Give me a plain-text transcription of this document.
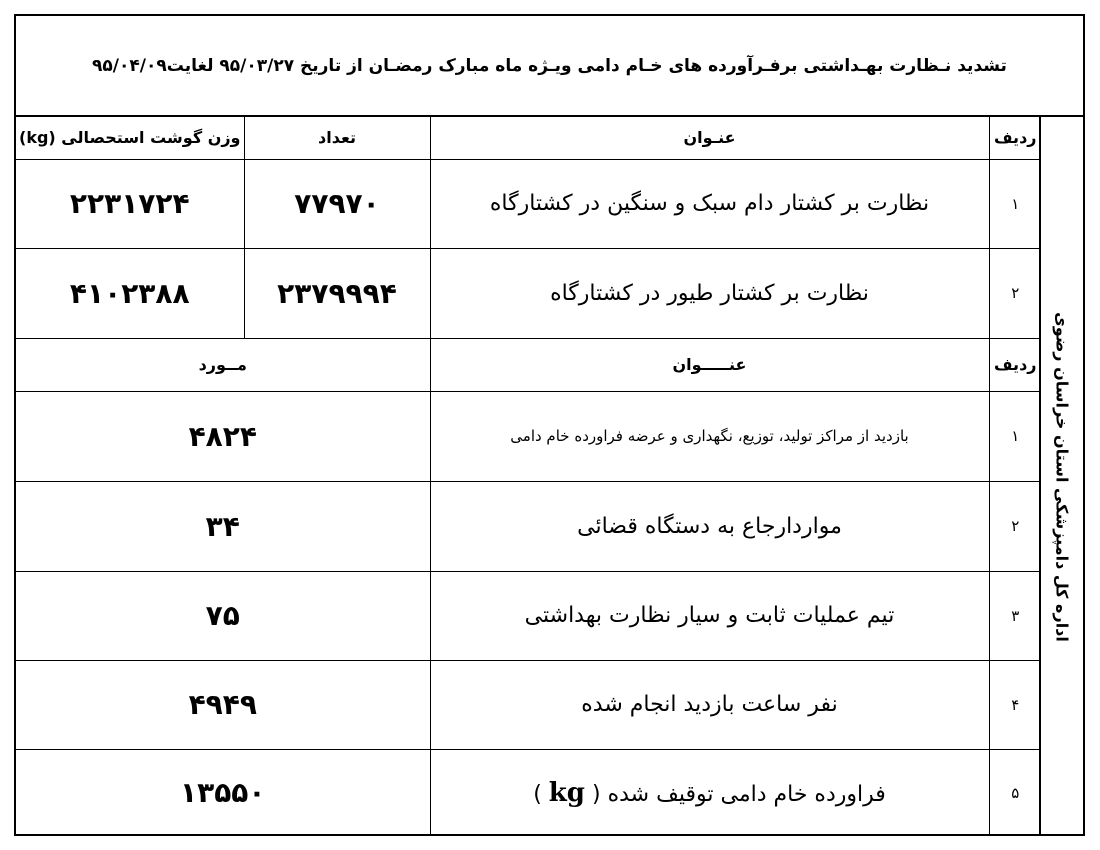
تشدید نـظارت بهـداشتی برفـرآورده های خـام دامی ویـژه ماه مبارک رمضـان از تاریخ ۹۵/۰۳/۲۷ لغایت۹۵/۰۴/۰۹
ردیف	عنـوان	تعداد	وزن گوشت استحصالی (kg)
۱	نظارت بر کشتار دام سبک و سنگین در کشتارگاه	۷۷۹۷۰	۲۲۳۱۷۲۴
۲	نظارت بر کشتار طیور در کشتارگاه	۲۳۷۹۹۹۴	۴۱۰۲۳۸۸
ردیف	عنـــــوان	مــورد	
۱	بازدید از مراکز تولید، توزیع، نگهداری و عرضه فراورده خام دامی	۴۸۲۴	
۲	مواردارجاع به دستگاه قضائی	۳۴	
۳	تیم عملیات ثابت و سیار نظارت بهداشتی	۷۵	
۴	نفر ساعت بازدید انجام شده	۴۹۴۹	
۵	فراورده خام دامی توقیف شده ( kg )	۱۳۵۵۰	
اداره کل دامپزشکی استان خراسان رضوی
